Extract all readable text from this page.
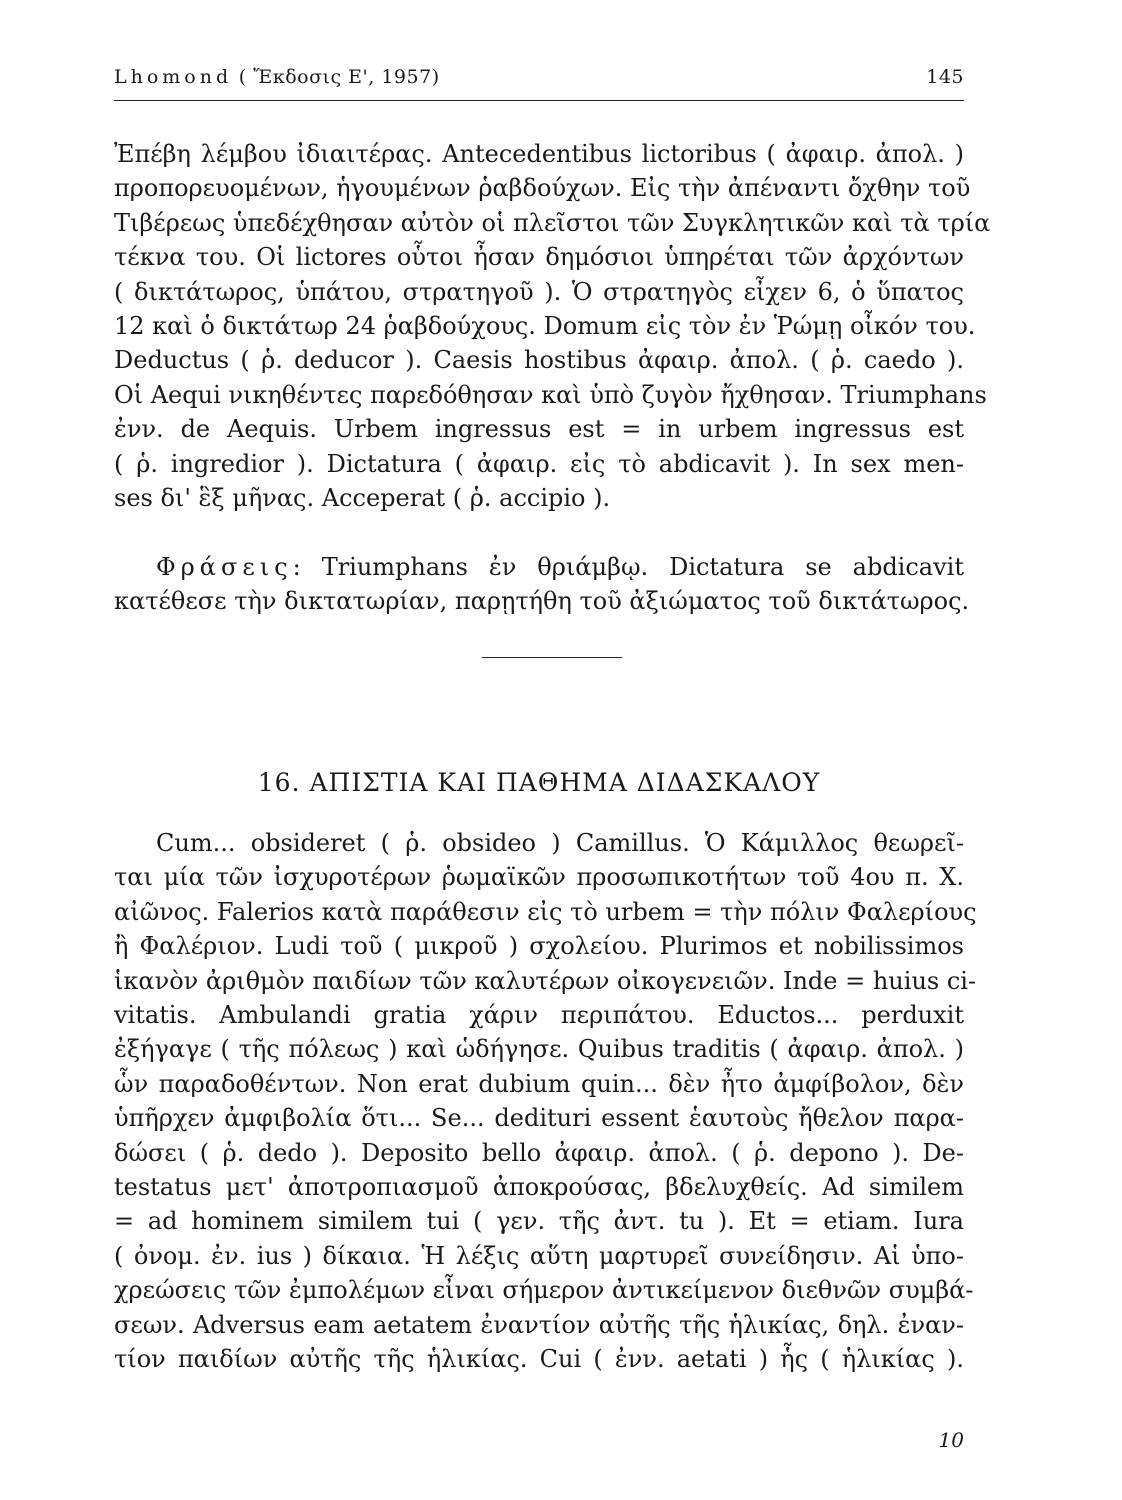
Lhomond ( Ἔκδοσις Ε', 1957)	145
Ἐπέβη λέμβου ἰδιαιτέρας. Antecedentibus lictoribus ( ἀφαιρ. ἀπολ. )
προπορευομένων, ἡγουμένων ῥαβδούχων. Εἰς τὴν ἀπέναντι ὄχθην τοῦ
Τιβέρεως ὑπεδέχθησαν αὐτὸν οἱ πλεῖστοι τῶν Συγκλητικῶν καὶ τὰ τρία
τέκνα του. Οἱ lictores οὗτοι ἦσαν δημόσιοι ὑπηρέται τῶν ἀρχόντων
( δικτάτωρος, ὑπάτου, στρατηγοῦ ). Ὁ στρατηγὸς εἶχεν 6, ὁ ὕπατος
12 καὶ ὁ δικτάτωρ 24 ῥαβδούχους. Domum εἰς τὸν ἐν Ῥώμῃ οἶκόν του.
Deductus ( ῥ. deducor ). Caesis hostibus ἀφαιρ. ἀπολ. ( ῥ. caedo ).
Οἱ Aequi νικηθέντες παρεδόθησαν καὶ ὑπὸ ζυγὸν ἤχθησαν. Triumphans
ἐνν. de Aequis. Urbem ingressus est = in urbem ingressus est
( ῥ. ingredior ). Dictatura ( ἀφαιρ. εἰς τὸ abdicavit ). In sex men-
ses δι' ἓξ μῆνας. Acceperat ( ῥ. accipio ).
Φράσεις: Triumphans ἐν θριάμβῳ. Dictatura se abdicavit
κατέθεσε τὴν δικτατωρίαν, παρῃτήθη τοῦ ἀξιώματος τοῦ δικτάτωρος.
16. ΑΠΙΣΤΙΑ ΚΑΙ ΠΑΘΗΜΑ ΔΙΔΑΣΚΑΛΟΥ
Cum... obsideret ( ῥ. obsideo ) Camillus. Ὁ Κάμιλλος θεωρεῖ-
ται μία τῶν ἰσχυροτέρων ῥωμαϊκῶν προσωπικοτήτων τοῦ 4ου π. Χ.
αἰῶνος. Falerios κατὰ παράθεσιν εἰς τὸ urbem = τὴν πόλιν Φαλερίους
ἢ Φαλέριον. Ludi τοῦ ( μικροῦ ) σχολείου. Plurimos et nobilissimos
ἱκανὸν ἀριθμὸν παιδίων τῶν καλυτέρων οἰκογενειῶν. Inde = huius ci-
vitatis. Ambulandi gratia χάριν περιπάτου. Eductos... perduxit
ἐξήγαγε ( τῆς πόλεως ) καὶ ὡδήγησε. Quibus traditis ( ἀφαιρ. ἀπολ. )
ὧν παραδοθέντων. Non erat dubium quin... δὲν ἦτο ἀμφίβολον, δὲν
ὑπῆρχεν ἀμφιβολία ὅτι... Se... dedituri essent ἑαυτοὺς ἤθελον παρα-
δώσει ( ῥ. dedo ). Deposito bello ἀφαιρ. ἀπολ. ( ῥ. depono ). De-
testatus μετ' ἀποτροπιασμοῦ ἀποκρούσας, βδελυχθείς. Ad similem
= ad hominem similem tui ( γεν. τῆς ἀντ. tu ). Et = etiam. Iura
( ὀνομ. ἐν. ius ) δίκαια. Ἡ λέξις αὕτη μαρτυρεῖ συνείδησιν. Αἱ ὑπο-
χρεώσεις τῶν ἐμπολέμων εἶναι σήμερον ἀντικείμενον διεθνῶν συμβά-
σεων. Adversus eam aetatem ἐναντίον αὐτῆς τῆς ἡλικίας, δηλ. ἐναν-
τίον παιδίων αὐτῆς τῆς ἡλικίας. Cui ( ἐνν. aetati ) ἧς ( ἡλικίας ).
10
